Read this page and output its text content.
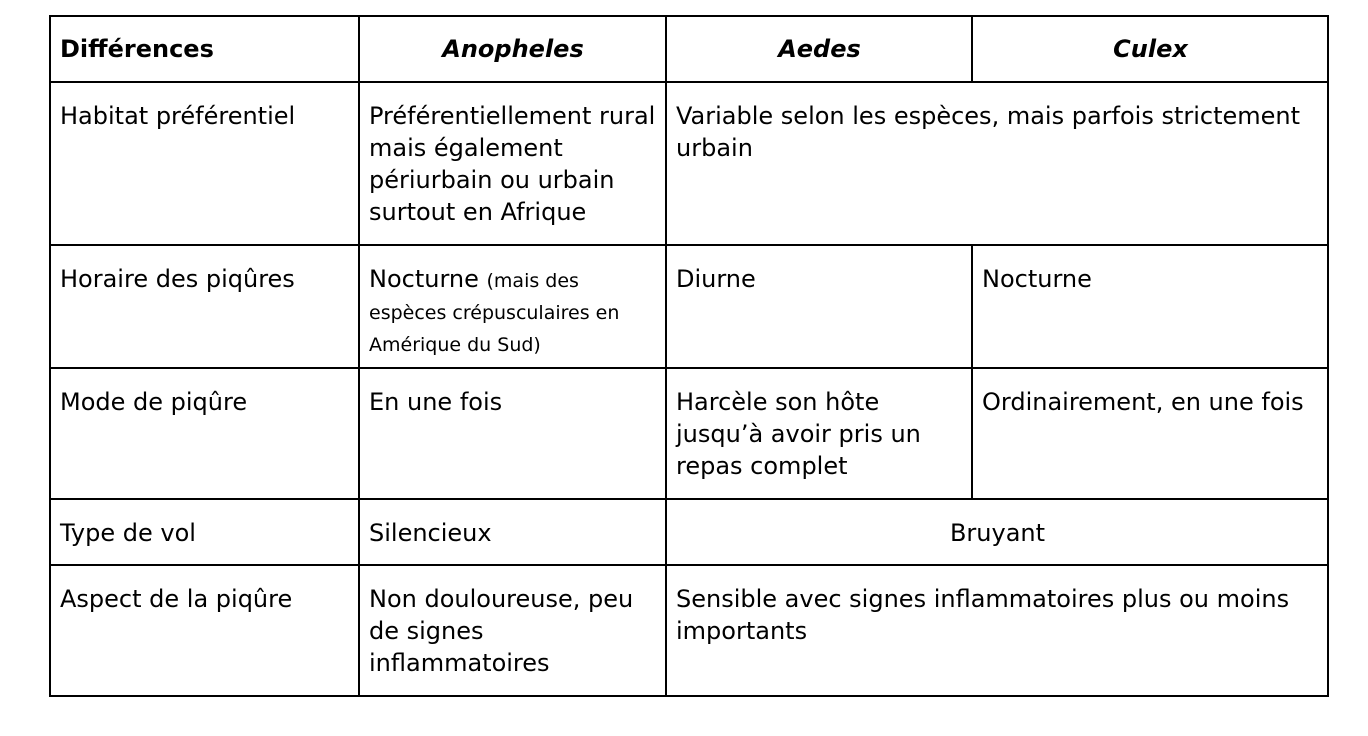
Différences	Anopheles	Aedes	Culex
Habitat préférentiel	Préférentiellement rural mais également périurbain ou urbain surtout en Afrique	Variable selon les espèces, mais parfois strictement urbain	
Horaire des piqûres	Nocturne (mais des espèces crépusculaires en Amérique du Sud)	Diurne	Nocturne
Mode de piqûre	En une fois	Harcèle son hôte jusqu’à avoir pris un repas complet	Ordinairement, en une fois
Type de vol	Silencieux	Bruyant	
Aspect de la piqûre	Non douloureuse, peu de signes inflammatoires	Sensible avec signes inflammatoires plus ou moins importants	
